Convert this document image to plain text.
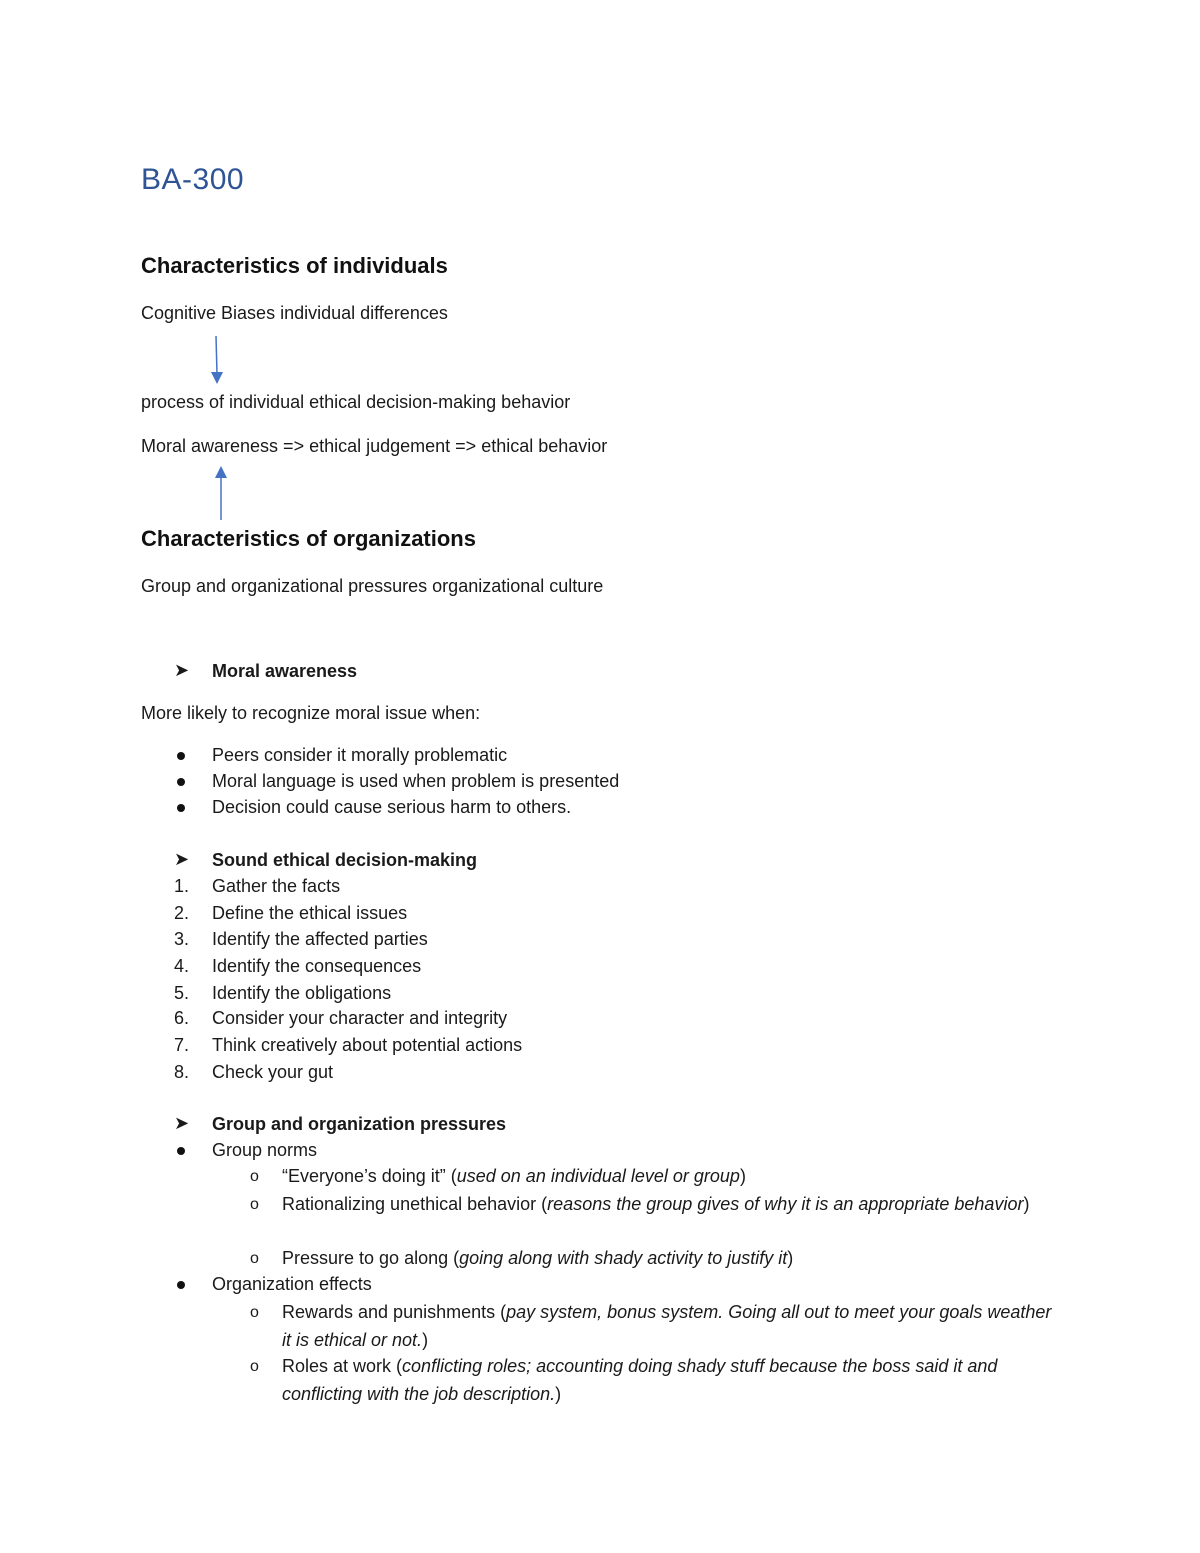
BA-300
Characteristics of individuals
Cognitive Biases individual differences
process of individual ethical decision-making behavior
Moral awareness => ethical judgement => ethical behavior
Characteristics of organizations
Group and organizational pressures organizational culture
➤ Moral awareness
More likely to recognize moral issue when:
Peers consider it morally problematic
Moral language is used when problem is presented
Decision could cause serious harm to others.
➤ Sound ethical decision-making
1. Gather the facts
2. Define the ethical issues
3. Identify the affected parties
4. Identify the consequences
5. Identify the obligations
6. Consider your character and integrity
7. Think creatively about potential actions
8. Check your gut
➤ Group and organization pressures
Group norms
o “Everyone’s doing it” (used on an individual level or group)
o Rationalizing unethical behavior (reasons the group gives of why it is an appropriate behavior)
o Pressure to go along (going along with shady activity to justify it)
Organization effects
o Rewards and punishments (pay system, bonus system. Going all out to meet your goals weather it is ethical or not.)
o Roles at work (conflicting roles; accounting doing shady stuff because the boss said it and conflicting with the job description.)
